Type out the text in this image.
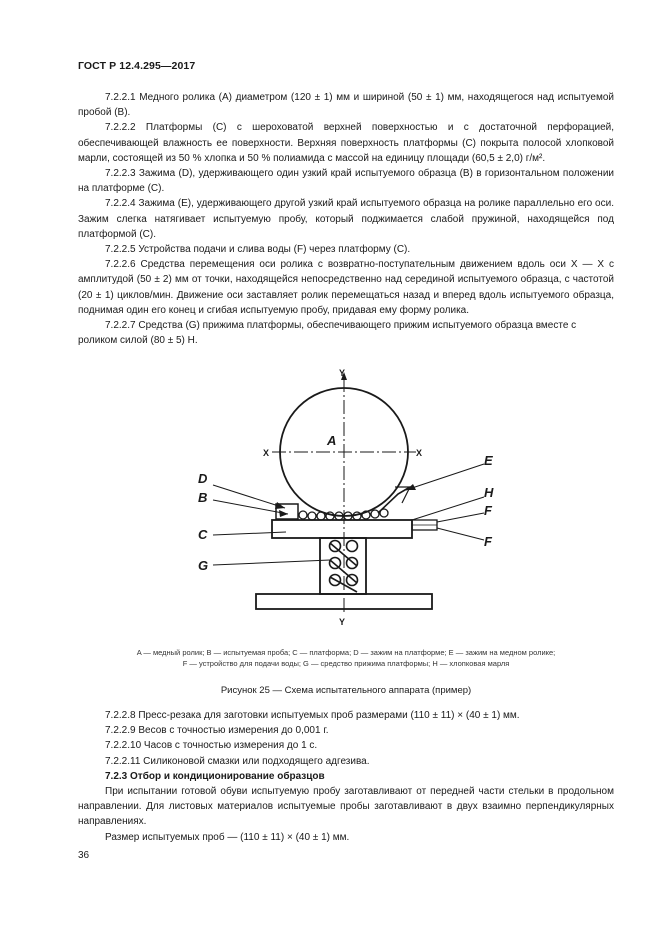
ГОСТ Р 12.4.295—2017

7.2.2.1 Медного ролика (A) диаметром (120 ± 1) мм и шириной (50 ± 1) мм, находящегося над испытуемой пробой (B).

7.2.2.2 Платформы (C) с шероховатой верхней поверхностью и с достаточной перфорацией, обеспечивающей влажность ее поверхности. Верхняя поверхность платформы (C) покрыта полосой хлопковой марли, состоящей из 50 % хлопка и 50 % полиамида с массой на единицу площади (60,5 ± 2,0) г/м².

7.2.2.3 Зажима (D), удерживающего один узкий край испытуемого образца (B) в горизонтальном положении на платформе (C).

7.2.2.4 Зажима (E), удерживающего другой узкий край испытуемого образца на ролике параллельно его оси. Зажим слегка натягивает испытуемую пробу, который поджимается слабой пружиной, находящейся под платформой (C).

7.2.2.5 Устройства подачи и слива воды (F) через платформу (C).

7.2.2.6 Средства перемещения оси ролика с возвратно-поступательным движением вдоль оси X — X с амплитудой (50 ± 2) мм от точки, находящейся непосредственно над серединой испытуемого образца, с частотой (20 ± 1) циклов/мин. Движение оси заставляет ролик перемещаться назад и вперед вдоль испытуемого образца, поднимая один его конец и сгибая испытуемую пробу, придавая ему форму ролика.

7.2.2.7 Средства (G) прижима платформы, обеспечивающего прижим испытуемого образца вместе с роликом силой (80 ± 5) Н.

Y
Y
X	X
A
D
B
C
G
E
H
F
F
A — медный ролик; B — испытуемая проба; C — платформа; D — зажим на платформе; E — зажим на медном ролике;
F — устройство для подачи воды; G — средство прижима платформы; H — хлопковая марля
Рисунок 25 — Схема испытательного аппарата (пример)

7.2.2.8 Пресс-резака для заготовки испытуемых проб размерами (110 ± 11) × (40 ± 1) мм.

7.2.2.9 Весов с точностью измерения до 0,001 г.

7.2.2.10 Часов с точностью измерения до 1 с.

7.2.2.11 Силиконовой смазки или подходящего адгезива.

7.2.3 Отбор и кондиционирование образцов

При испытании готовой обуви испытуемую пробу заготавливают от передней части стельки в продольном направлении. Для листовых материалов испытуемые пробы заготавливают в двух взаимно перпендикулярных направлениях.

Размер испытуемых проб — (110 ± 11) × (40 ± 1) мм.

36
